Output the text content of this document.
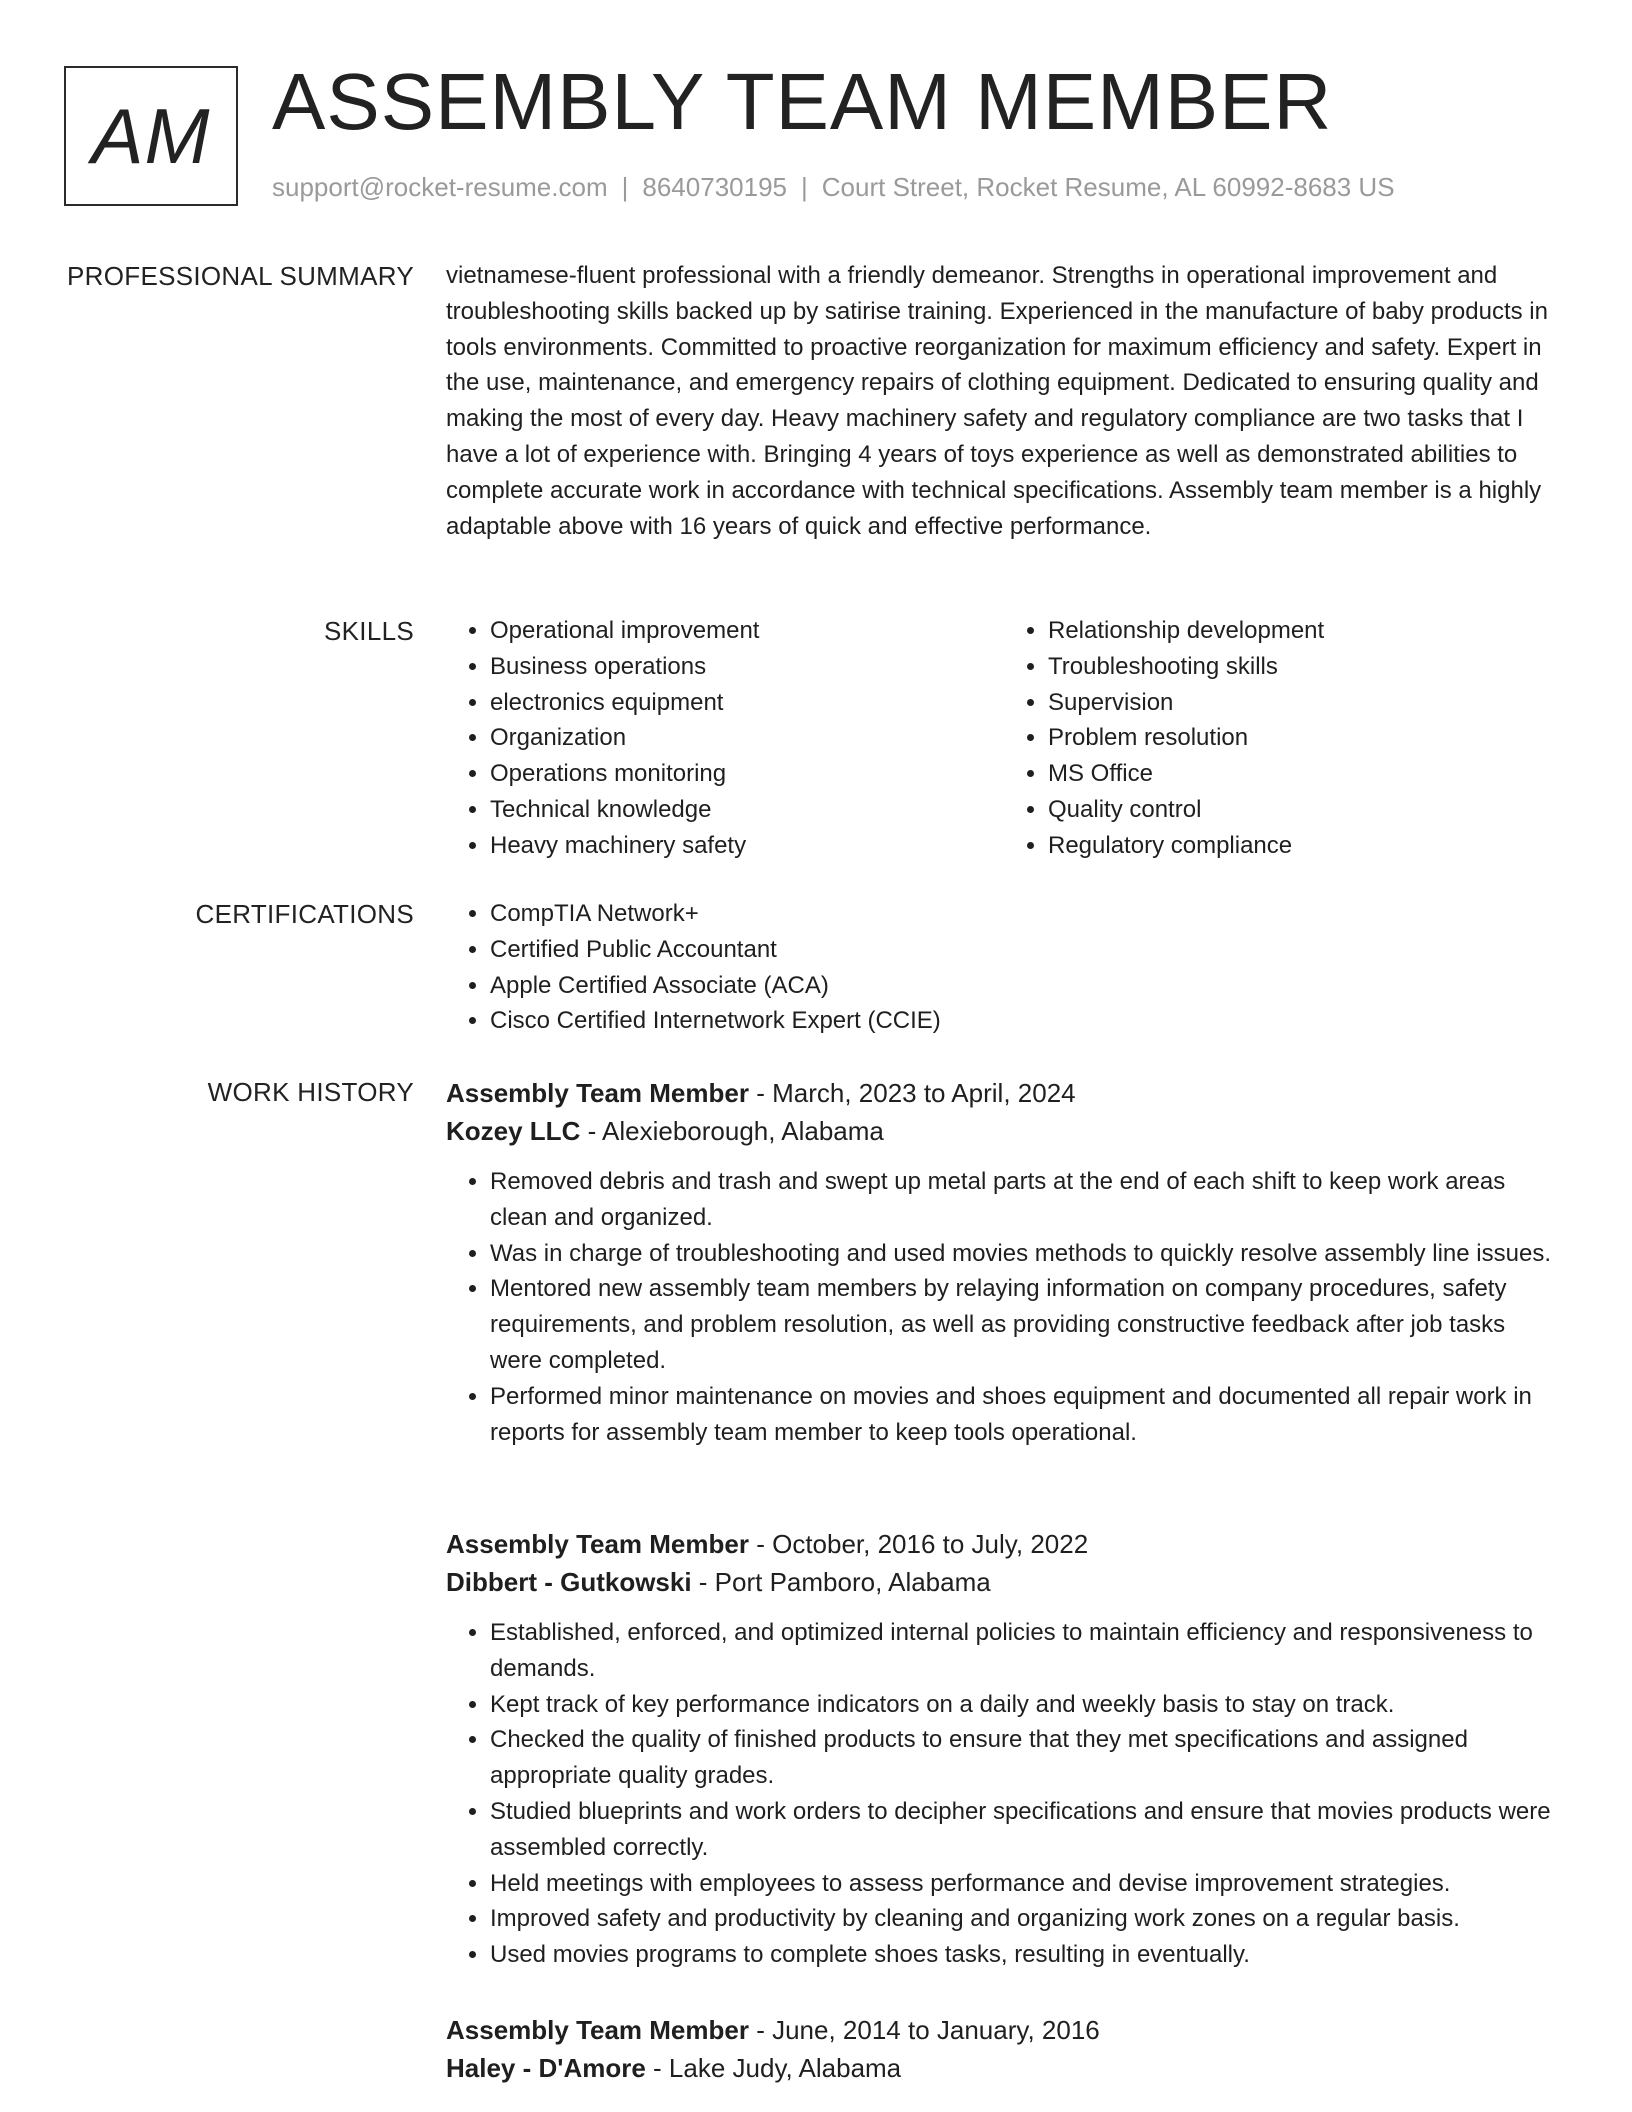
AM ASSEMBLY TEAM MEMBER
support@rocket-resume.com | 8640730195 | Court Street, Rocket Resume, AL 60992-8683 US
PROFESSIONAL SUMMARY vietnamese-fluent professional with a friendly demeanor. Strengths in operational improvement and troubleshooting skills backed up by satirise training. Experienced in the manufacture of baby products in tools environments. Committed to proactive reorganization for maximum efficiency and safety. Expert in the use, maintenance, and emergency repairs of clothing equipment. Dedicated to ensuring quality and making the most of every day. Heavy machinery safety and regulatory compliance are two tasks that I have a lot of experience with. Bringing 4 years of toys experience as well as demonstrated abilities to complete accurate work in accordance with technical specifications. Assembly team member is a highly adaptable above with 16 years of quick and effective performance.

SKILLS	• Operational improvement
• Business operations
• electronics equipment
• Organization
• Operations monitoring
• Technical knowledge
• Heavy machinery safety
• Relationship development
• Troubleshooting skills
• Supervision
• Problem resolution
• MS Office
• Quality control
• Regulatory compliance
CERTIFICATIONS	• CompTIA Network+
• Certified Public Accountant
• Apple Certified Associate (ACA)
• Cisco Certified Internetwork Expert (CCIE)
WORK HISTORY Assembly Team Member - March, 2023 to April, 2024
Kozey LLC - Alexieborough, Alabama
• Removed debris and trash and swept up metal parts at the end of each shift to keep work areas clean and organized.
• Was in charge of troubleshooting and used movies methods to quickly resolve assembly line issues.
• Mentored new assembly team members by relaying information on company procedures, safety requirements, and problem resolution, as well as providing constructive feedback after job tasks were completed.
• Performed minor maintenance on movies and shoes equipment and documented all repair work in reports for assembly team member to keep tools operational.
Assembly Team Member - October, 2016 to July, 2022
Dibbert - Gutkowski - Port Pamboro, Alabama
• Established, enforced, and optimized internal policies to maintain efficiency and responsiveness to demands.
• Kept track of key performance indicators on a daily and weekly basis to stay on track.
• Checked the quality of finished products to ensure that they met specifications and assigned appropriate quality grades.
• Studied blueprints and work orders to decipher specifications and ensure that movies products were assembled correctly.
• Held meetings with employees to assess performance and devise improvement strategies.
• Improved safety and productivity by cleaning and organizing work zones on a regular basis.
• Used movies programs to complete shoes tasks, resulting in eventually.
Assembly Team Member - June, 2014 to January, 2016
Haley - D'Amore - Lake Judy, Alabama
